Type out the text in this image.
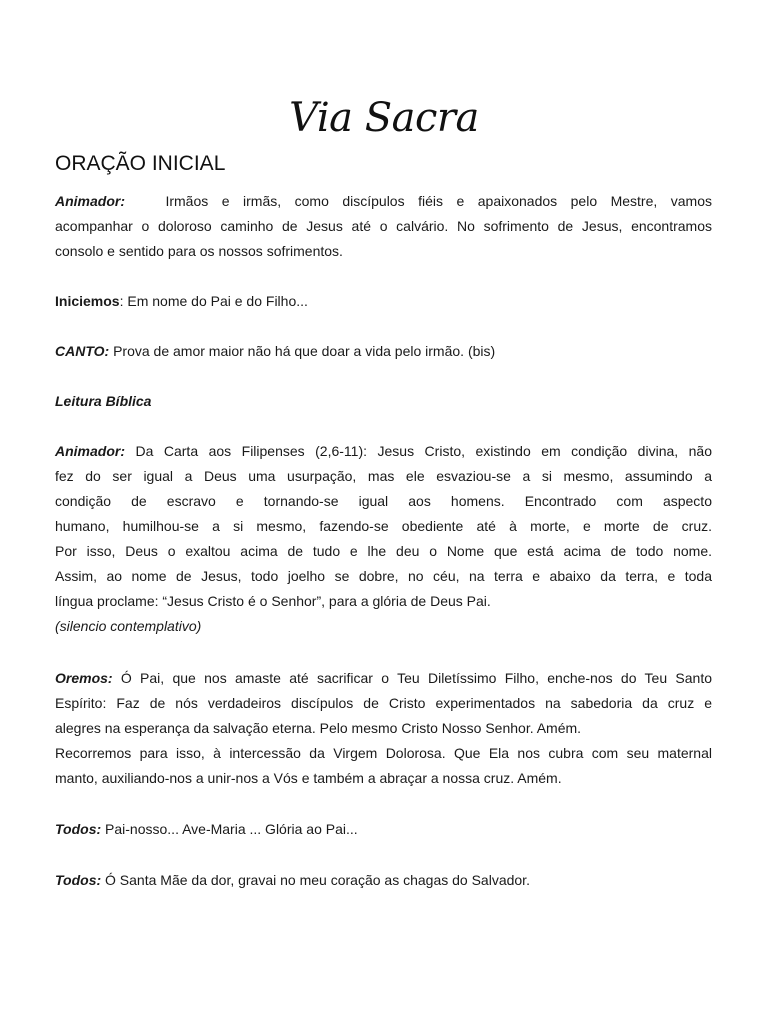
Via Sacra
ORAÇÃO INICIAL
Animador:	Irmãos e irmãs, como discípulos fiéis e apaixonados pelo Mestre, vamos
acompanhar o doloroso caminho de Jesus até o calvário. No sofrimento de Jesus, encontramos
consolo e sentido para os nossos sofrimentos.
Iniciemos: Em nome do Pai e do Filho...
CANTO: Prova de amor maior não há que doar a vida pelo irmão. (bis)
Leitura Bíblica
Animador: Da Carta aos Filipenses (2,6-11): Jesus Cristo, existindo em condição divina, não
fez do ser igual a Deus uma usurpação, mas ele esvaziou-se a si mesmo, assumindo a
condição de escravo e tornando-se igual aos homens. Encontrado com aspecto
humano, humilhou-se a si mesmo, fazendo-se obediente até à morte, e morte de cruz.
Por isso, Deus o exaltou acima de tudo e lhe deu o Nome que está acima de todo nome.
Assim, ao nome de Jesus, todo joelho se dobre, no céu, na terra e abaixo da terra, e toda
língua proclame: “Jesus Cristo é o Senhor”, para a glória de Deus Pai.
(silencio contemplativo)
Oremos: Ó Pai, que nos amaste até sacrificar o Teu Diletíssimo Filho, enche-nos do Teu Santo
Espírito: Faz de nós verdadeiros discípulos de Cristo experimentados na sabedoria da cruz e
alegres na esperança da salvação eterna. Pelo mesmo Cristo Nosso Senhor. Amém.
Recorremos para isso, à intercessão da Virgem Dolorosa. Que Ela nos cubra com seu maternal
manto, auxiliando-nos a unir-nos a Vós e também a abraçar a nossa cruz. Amém.
Todos: Pai-nosso... Ave-Maria ... Glória ao Pai...
Todos: Ó Santa Mãe da dor, gravai no meu coração as chagas do Salvador.
